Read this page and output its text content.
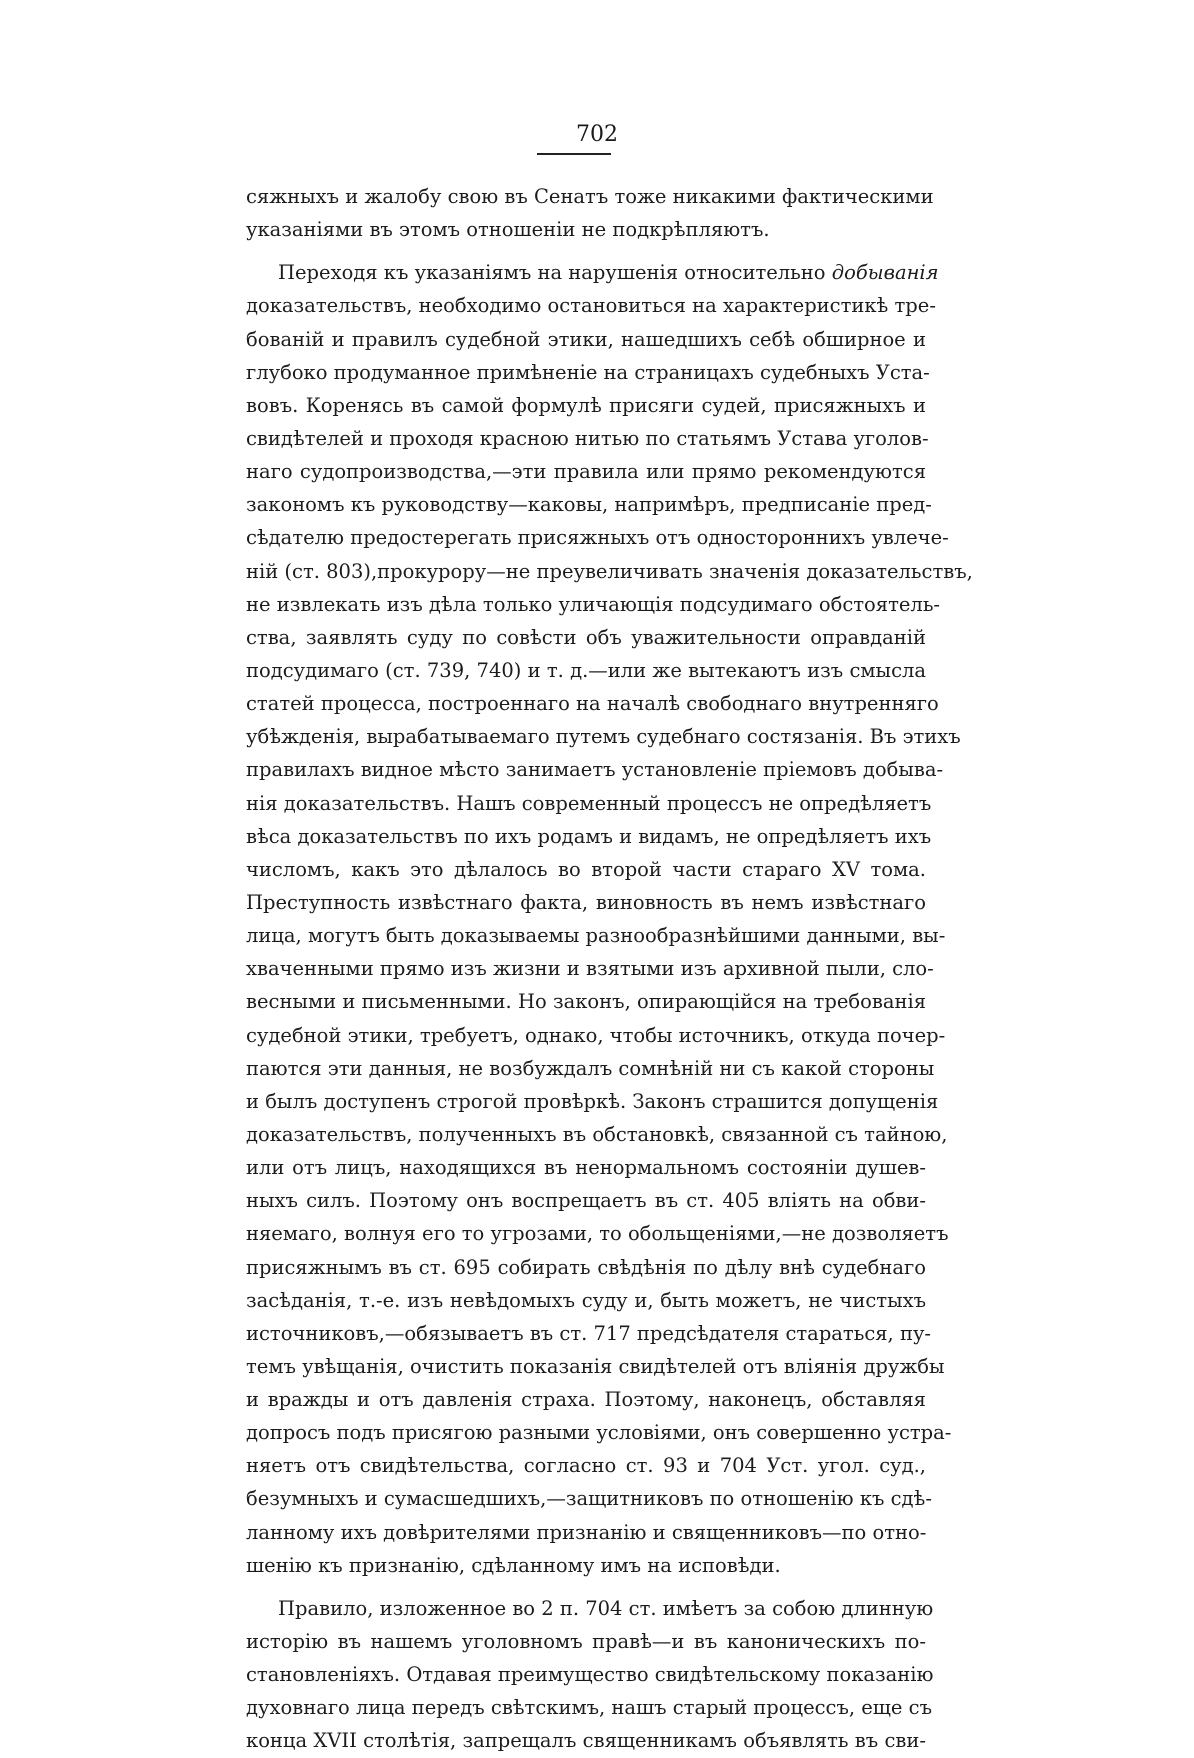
702
сяжныхъ и жалобу свою въ Сенатъ тоже никакими фактическими
указаніями въ этомъ отношеніи не подкрѣпляютъ.
Переходя къ указаніямъ на нарушенія относительно добыванія
доказательствъ, необходимо остановиться на характеристикѣ тре-
бованій и правилъ судебной этики, нашедшихъ себѣ обширное и
глубоко продуманное примѣненіе на страницахъ судебныхъ Уста-
вовъ. Коренясь въ самой формулѣ присяги судей, присяжныхъ и
свидѣтелей и проходя красною нитью по статьямъ Устава уголов-
наго судопроизводства,—эти правила или прямо рекомендуются
закономъ къ руководству—каковы, напримѣръ, предписаніе пред-
сѣдателю предостерегать присяжныхъ отъ одностороннихъ увлече-
ній (ст. 803),прокурору—не преувеличивать значенія доказательствъ,
не извлекать изъ дѣла только уличающія подсудимаго обстоятель-
ства, заявлять суду по совѣсти объ уважительности оправданій
подсудимаго (ст. 739, 740) и т. д.—или же вытекаютъ изъ смысла
статей процесса, построеннаго на началѣ свободнаго внутренняго
убѣжденія, вырабатываемаго путемъ судебнаго состязанія. Въ этихъ
правилахъ видное мѣсто занимаетъ установленіе пріемовъ добыва-
нія доказательствъ. Нашъ современный процессъ не опредѣляетъ
вѣса доказательствъ по ихъ родамъ и видамъ, не опредѣляетъ ихъ
числомъ, какъ это дѣлалось во второй части стараго XV тома.
Преступность извѣстнаго факта, виновность въ немъ извѣстнаго
лица, могутъ быть доказываемы разнообразнѣйшими данными, вы-
хваченными прямо изъ жизни и взятыми изъ архивной пыли, сло-
весными и письменными. Но законъ, опирающійся на требованія
судебной этики, требуетъ, однако, чтобы источникъ, откуда почер-
паются эти данныя, не возбуждалъ сомнѣній ни съ какой стороны
и былъ доступенъ строгой провѣркѣ. Законъ страшится допущенія
доказательствъ, полученныхъ въ обстановкѣ, связанной съ тайною,
или отъ лицъ, находящихся въ ненормальномъ состояніи душев-
ныхъ силъ. Поэтому онъ воспрещаетъ въ ст. 405 вліять на обви-
няемаго, волнуя его то угрозами, то обольщеніями,—не дозволяетъ
присяжнымъ въ ст. 695 собирать свѣдѣнія по дѣлу внѣ судебнаго
засѣданія, т.-е. изъ невѣдомыхъ суду и, быть можетъ, не чистыхъ
источниковъ,—обязываетъ въ ст. 717 предсѣдателя стараться, пу-
темъ увѣщанія, очистить показанія свидѣтелей отъ вліянія дружбы
и вражды и отъ давленія страха. Поэтому, наконецъ, обставляя
допросъ подъ присягою разными условіями, онъ совершенно устра-
няетъ отъ свидѣтельства, согласно ст. 93 и 704 Уст. угол. суд.,
безумныхъ и сумасшедшихъ,—защитниковъ по отношенію къ сдѣ-
ланному ихъ довѣрителями признанію и священниковъ—по отно-
шенію къ признанію, сдѣланному имъ на исповѣди.
Правило, изложенное во 2 п. 704 ст. имѣетъ за собою длинную
исторію въ нашемъ уголовномъ правѣ—и въ каноническихъ по-
становленіяхъ. Отдавая преимущество свидѣтельскому показанію
духовнаго лица передъ свѣтскимъ, нашъ старый процессъ, еще съ
конца XVII столѣтія, запрещалъ священникамъ объявлять въ сви-
